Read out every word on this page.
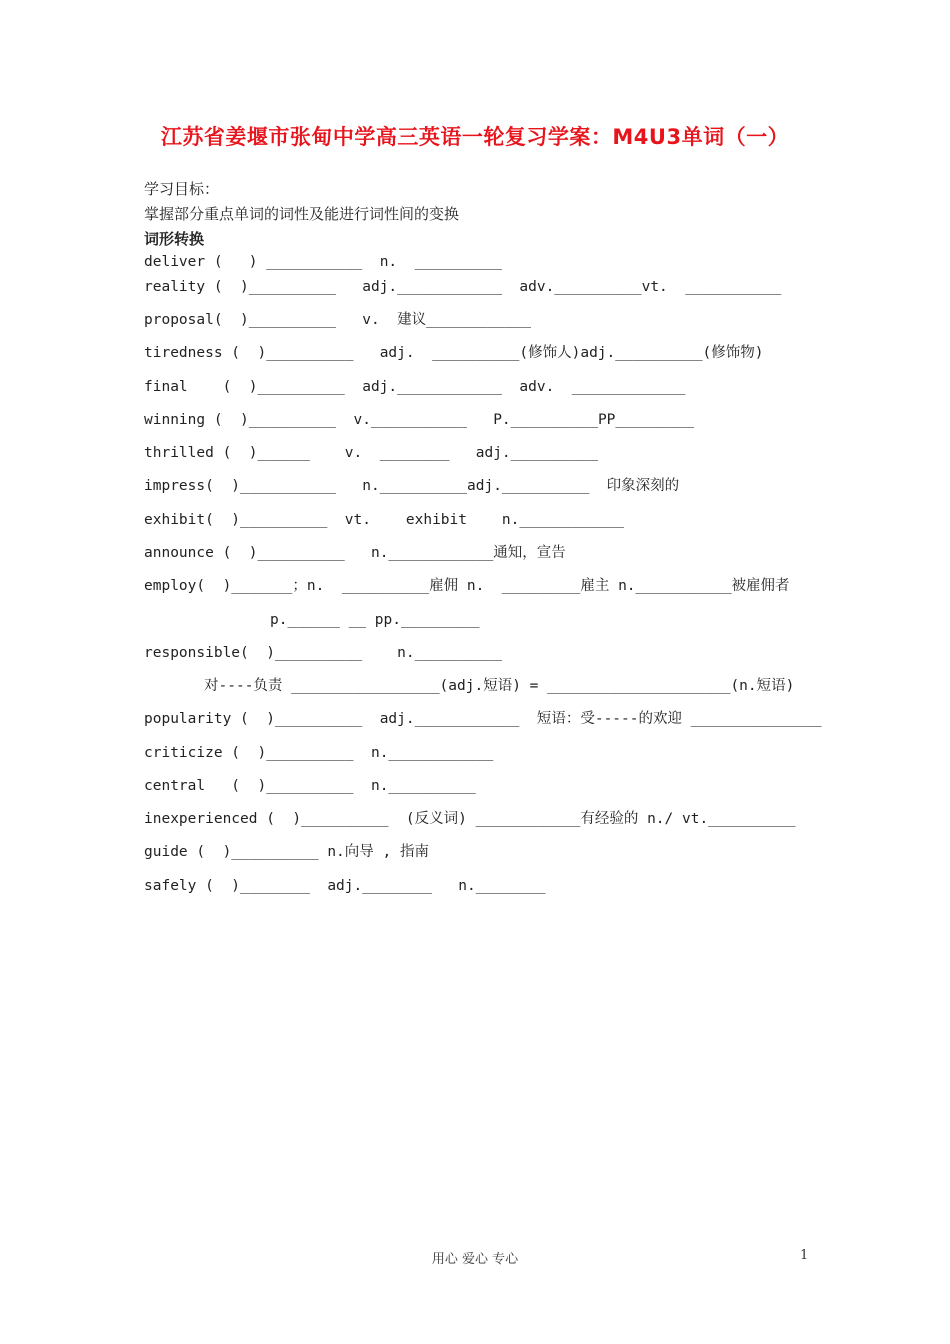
江苏省姜堰市张甸中学高三英语一轮复习学案：M4U3单词（一）
学习目标：
掌握部分重点单词的词性及能进行词性间的变换
词形转换
deliver (   ) ___________  n.  __________
reality (  )__________   adj.____________  adv.__________vt.  ___________
proposal(  )__________   v.  建议____________
tiredness (  )__________   adj.  __________(修饰人)adj.__________(修饰物)
final    (  )__________  adj.____________  adv.  _____________
winning (  )__________  v.___________   P.__________PP_________
thrilled (  )______    v.  ________   adj.__________
impress(  )___________   n.__________adj.__________  印象深刻的
exhibit(  )__________  vt.    exhibit    n.____________
announce (  )__________   n.____________通知，宣告
employ(  )_______；n.  __________雇佣 n.  _________雇主 n.___________被雇佣者
p.______ __ pp._________
responsible(  )__________    n.__________
对----负责 _________________(adj.短语) = _____________________(n.短语)
popularity (  )__________  adj.____________  短语：受-----的欢迎 _______________
criticize (  )__________  n.____________
central   (  )__________  n.__________
inexperienced (  )__________  (反义词) ____________有经验的 n./ vt.__________
guide (  )__________ n.向导 , 指南
safely (  )________  adj.________   n.________
用心 爱心 专心	1
